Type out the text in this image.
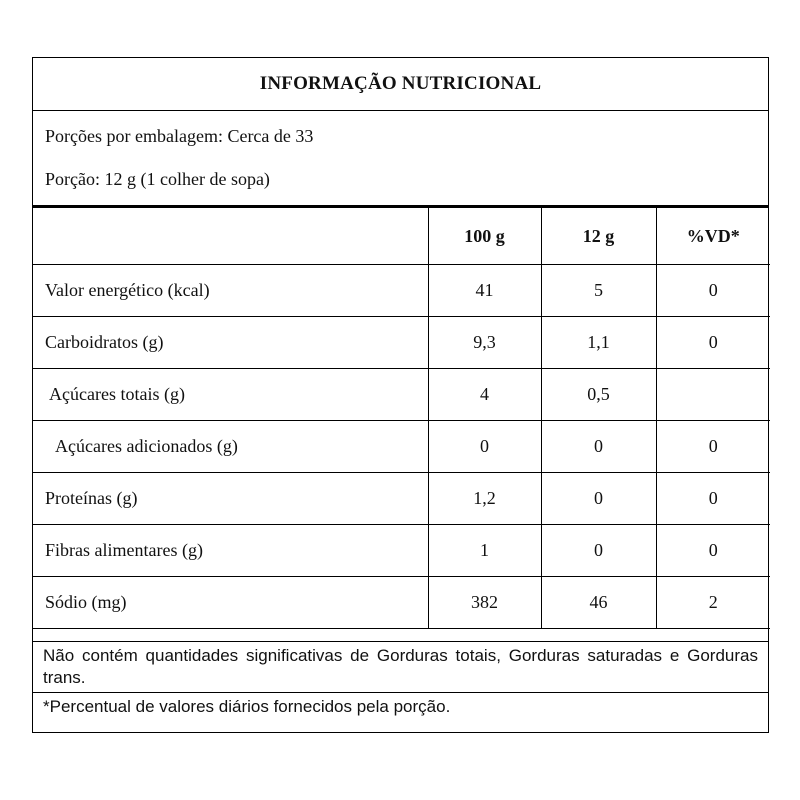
INFORMAÇÃO NUTRICIONAL
Porções por embalagem: Cerca de 33
Porção: 12 g (1 colher de sopa)
	100 g	12 g	%VD*
Valor energético (kcal)	41	5	0
Carboidratos (g)	9,3	1,1	0
Açúcares totais (g)	4	0,5	
Açúcares adicionados (g)	0	0	0
Proteínas (g)	1,2	0	0
Fibras alimentares (g)	1	0	0
Sódio (mg)	382	46	2
Não contém quantidades significativas de Gorduras totais, Gorduras saturadas e Gorduras trans.
*Percentual de valores diários fornecidos pela porção.
